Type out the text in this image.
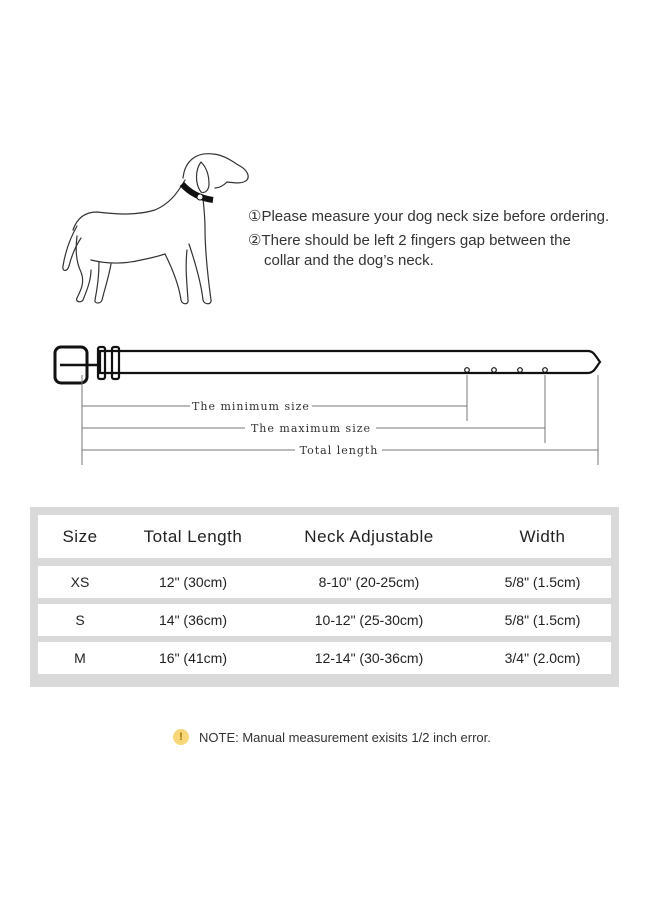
①Please measure your dog neck size before ordering.
②There should be left 2 fingers gap between the
collar and the dog’s neck.
The minimum size
The maximum size
Total length
Size	Total Length	Neck Adjustable	Width
XS	12" (30cm)	8-10" (20-25cm)	5/8" (1.5cm)
S	14" (36cm)	10-12" (25-30cm)	5/8" (1.5cm)
M	16" (41cm)	12-14" (30-36cm)	3/4" (2.0cm)
!	NOTE: Manual measurement exisits 1/2 inch error.
